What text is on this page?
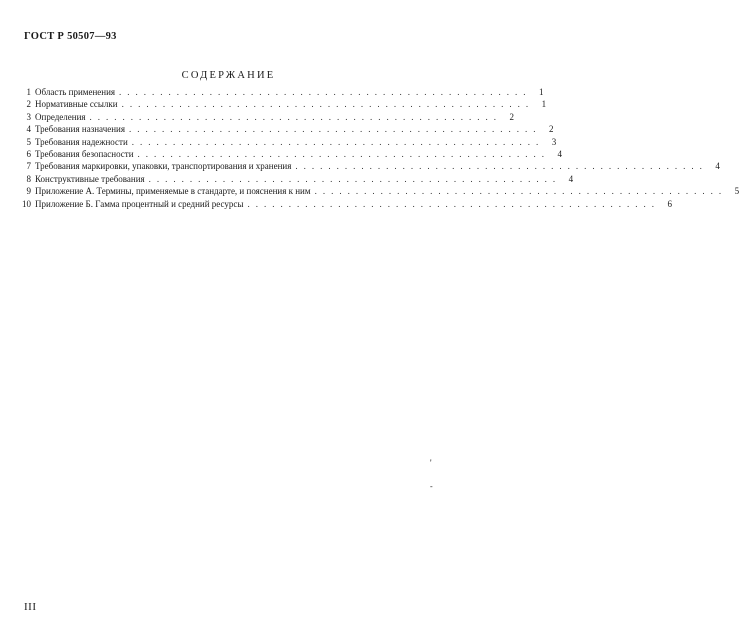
ГОСТ Р 50507—93
СОДЕРЖАНИЕ
1 Область применения .................................................. 1
2 Нормативные ссылки .................................................. 1
3 Определения .................................................. 2
4 Требования назначения .................................................. 2
5 Требования надежности .................................................. 3
6 Требования безопасности .................................................. 4
7 Требования маркировки, упаковки, транспортирования и хранения .................................................. 4
8 Конструктивные требования .................................................. 4
9 Приложение А. Термины, применяемые в стандарте, и пояснения к ним .................................................. 5
10 Приложение Б. Гамма процентный и средний ресурсы .................................................. 6
'
-
III
